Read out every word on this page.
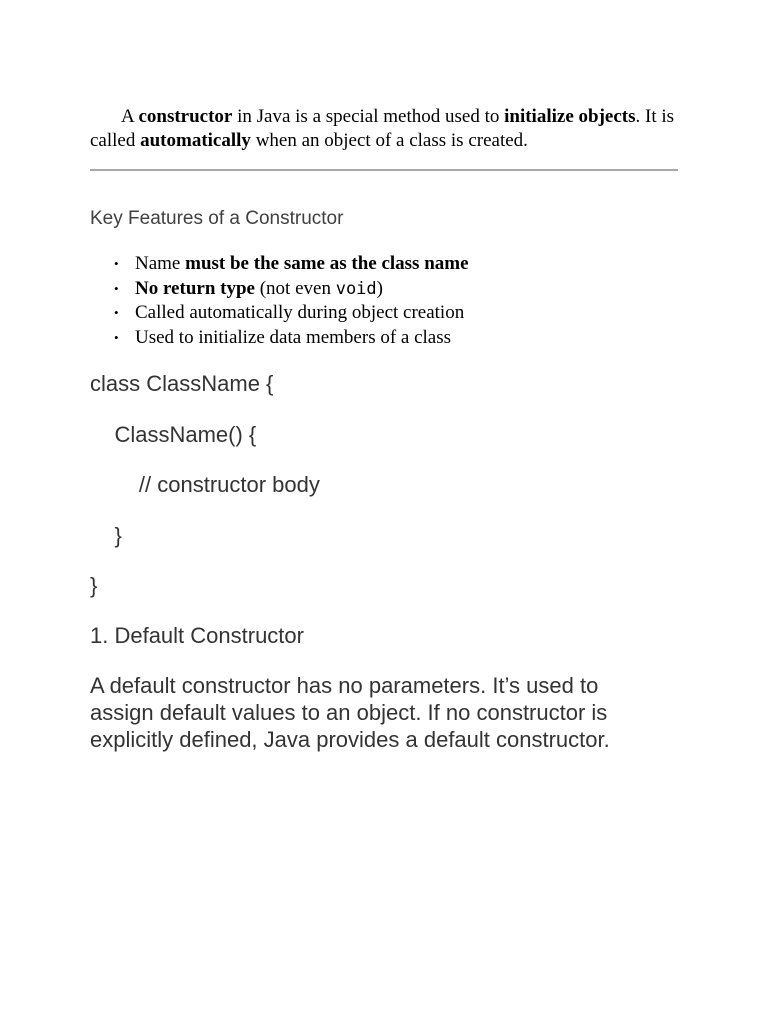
A constructor in Java is a special method used to initialize objects. It is called automatically when an object of a class is created.

Key Features of a Constructor
• Name must be the same as the class name
• No return type (not even void)
• Called automatically during object creation
• Used to initialize data members of a class
class ClassName {
ClassName() {
// constructor body
}
}
1. Default Constructor

A default constructor has no parameters. It’s used to assign default values to an object. If no constructor is explicitly defined, Java provides a default constructor.
